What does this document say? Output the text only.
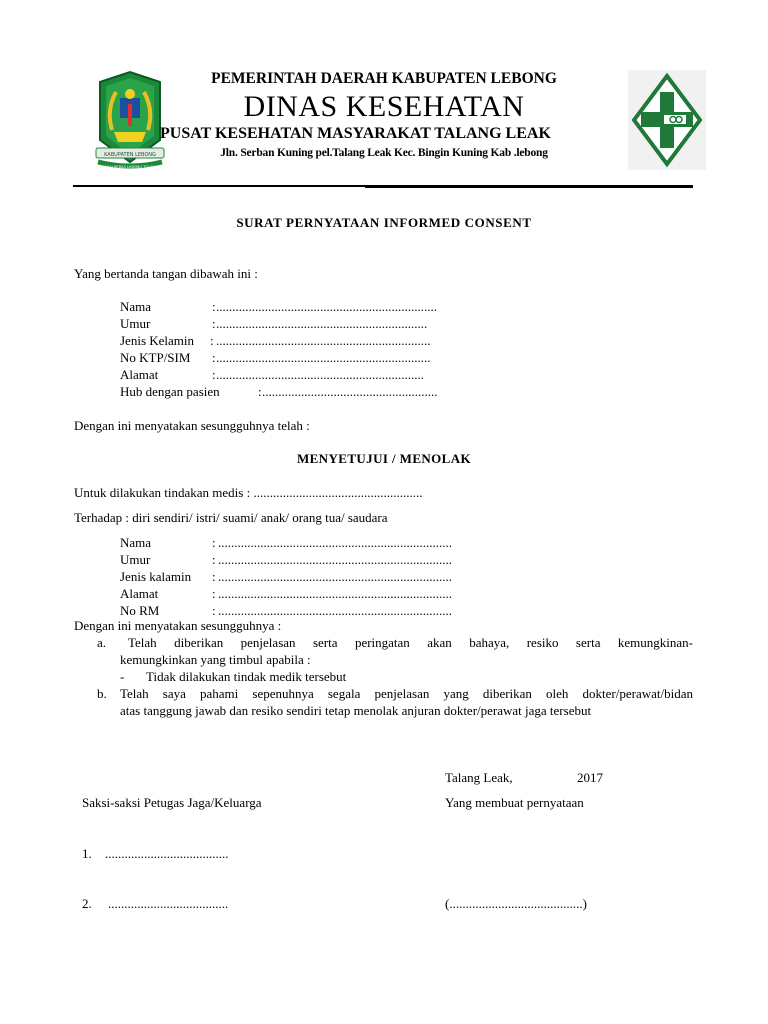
KABUPATEN LEBONG
TOGAI BEBAS LEBONG TOLESIN
PEMERINTAH DAERAH KABUPATEN LEBONG
DINAS KESEHATAN
PUSAT KESEHATAN MASYARAKAT TALANG LEAK
Jln. Serban Kuning pel.Talang Leak Kec. Bingin Kuning Kab .lebong
SURAT PERNYATAAN INFORMED CONSENT
Yang bertanda tangan dibawah ini :
Nama	: ....................................................................
Umur	: .................................................................
Jenis Kelamin : ..................................................................
No KTP/SIM : ..................................................................
Alamat	: ................................................................
Hub dengan pasien	: ......................................................
Dengan ini menyatakan sesungguhnya telah :
MENYETUJUI / MENOLAK
Untuk dilakukan tindakan medis : ....................................................
Terhadap : diri sendiri/ istri/ suami/ anak/ orang tua/ saudara
Nama	: ........................................................................
Umur	: ........................................................................
Jenis kalamin : ........................................................................
Alamat	: ........................................................................
No RM	: ........................................................................
Dengan ini menyatakan sesungguhnya :
a. Telah diberikan penjelasan serta peringatan akan bahaya, resiko serta kemungkinan-
kemungkinkan yang timbul apabila :
- Tidak dilakukan tindak medik tersebut
b. Telah saya pahami sepenuhnya segala penjelasan yang diberikan oleh dokter/perawat/bidan
atas tanggung jawab dan resiko sendiri tetap menolak anjuran dokter/perawat jaga tersebut
Talang Leak,	2017
Saksi-saksi Petugas Jaga/Keluarga	Yang membuat pernyataan
1. ......................................
2. .....................................	(.........................................)
